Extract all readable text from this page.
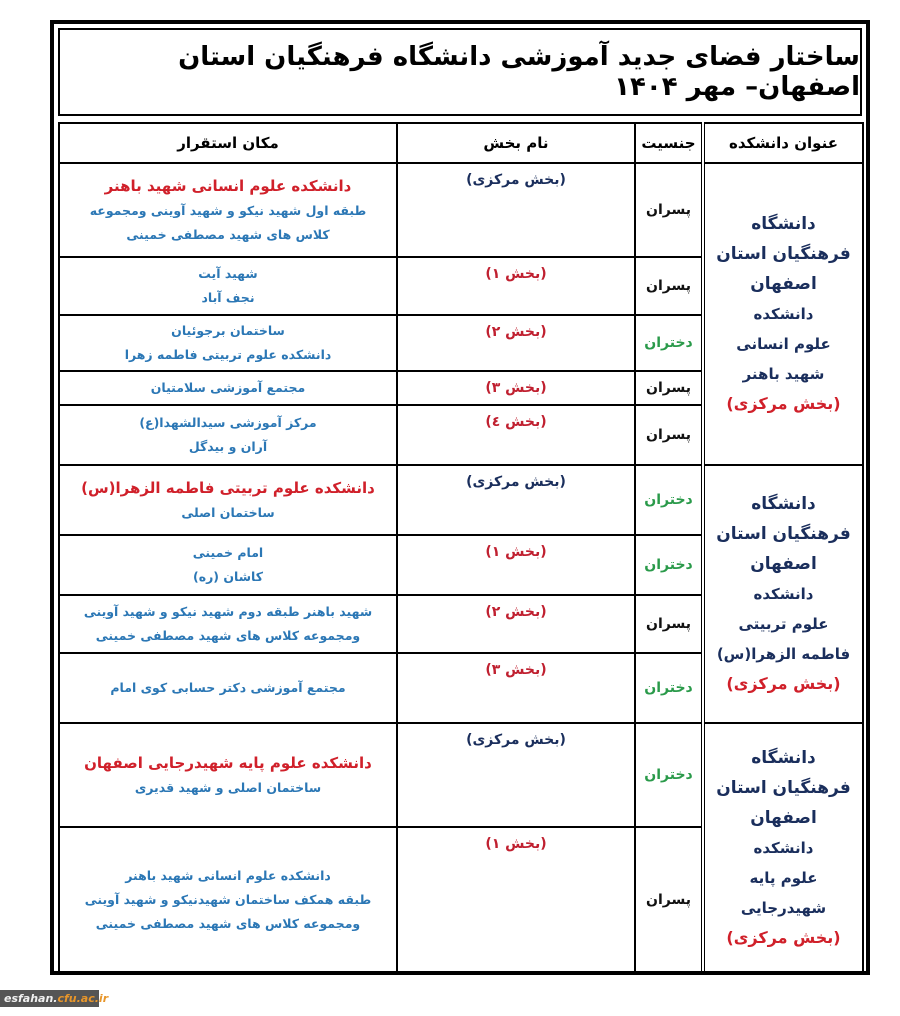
ساختار فضای جدید آموزشی دانشگاه فرهنگیان استان اصفهان– مهر ۱۴۰۴
عنوان دانشکده	جنسیت	نام بخش	مکان استقرار

دانشگاه
فرهنگیان استان
اصفهان
دانشکده
علوم انسانی
شهید باهنر
(بخش مرکزی)
	پسران	(بخش مرکزی)	
دانشکده علوم انسانی شهید باهنر
طبقه اول شهید نیکو و شهید آوینی ومجموعه
کلاس های شهید مصطفی خمینی

	پسران	(بخش ۱)	شهید آیت
نجف آباد

	دختران	(بخش ۲)	ساختمان برجوئیان
دانشکده علوم تربیتی فاطمه زهرا

	پسران	(بخش ۳)	مجتمع آموزشی سلامتیان

	پسران	(بخش ٤)	مرکز آموزشی سیدالشهدا(ع)
آران و بیدگل

دانشگاه
فرهنگیان استان
اصفهان
دانشکده
علوم تربیتی
فاطمه الزهرا(س)
(بخش مرکزی)
	دختران	(بخش مرکزی)	
دانشکده علوم تربیتی فاطمه الزهرا(س)
ساختمان اصلی

	دختران	(بخش ۱)	امام خمینی
کاشان (ره)

	پسران	(بخش ۲)	شهید باهنر طبقه دوم شهید نیکو و شهید آوینی
ومجموعه کلاس های شهید مصطفی خمینی

	دختران	(بخش ۳)	مجتمع آموزشی دکتر حسابی کوی امام

دانشگاه
فرهنگیان استان
اصفهان
دانشکده
علوم پایه
شهیدرجایی
(بخش مرکزی)
	دختران	(بخش مرکزی)	
دانشکده علوم پایه شهیدرجایی اصفهان
ساختمان اصلی و شهید قدیری

	پسران	(بخش ۱)	دانشکده علوم انسانی شهید باهنر
طبقه همکف ساختمان شهیدنیکو و شهید آوینی
ومجموعه کلاس های شهید مصطفی خمینی
esfahan.cfu.ac.ir
